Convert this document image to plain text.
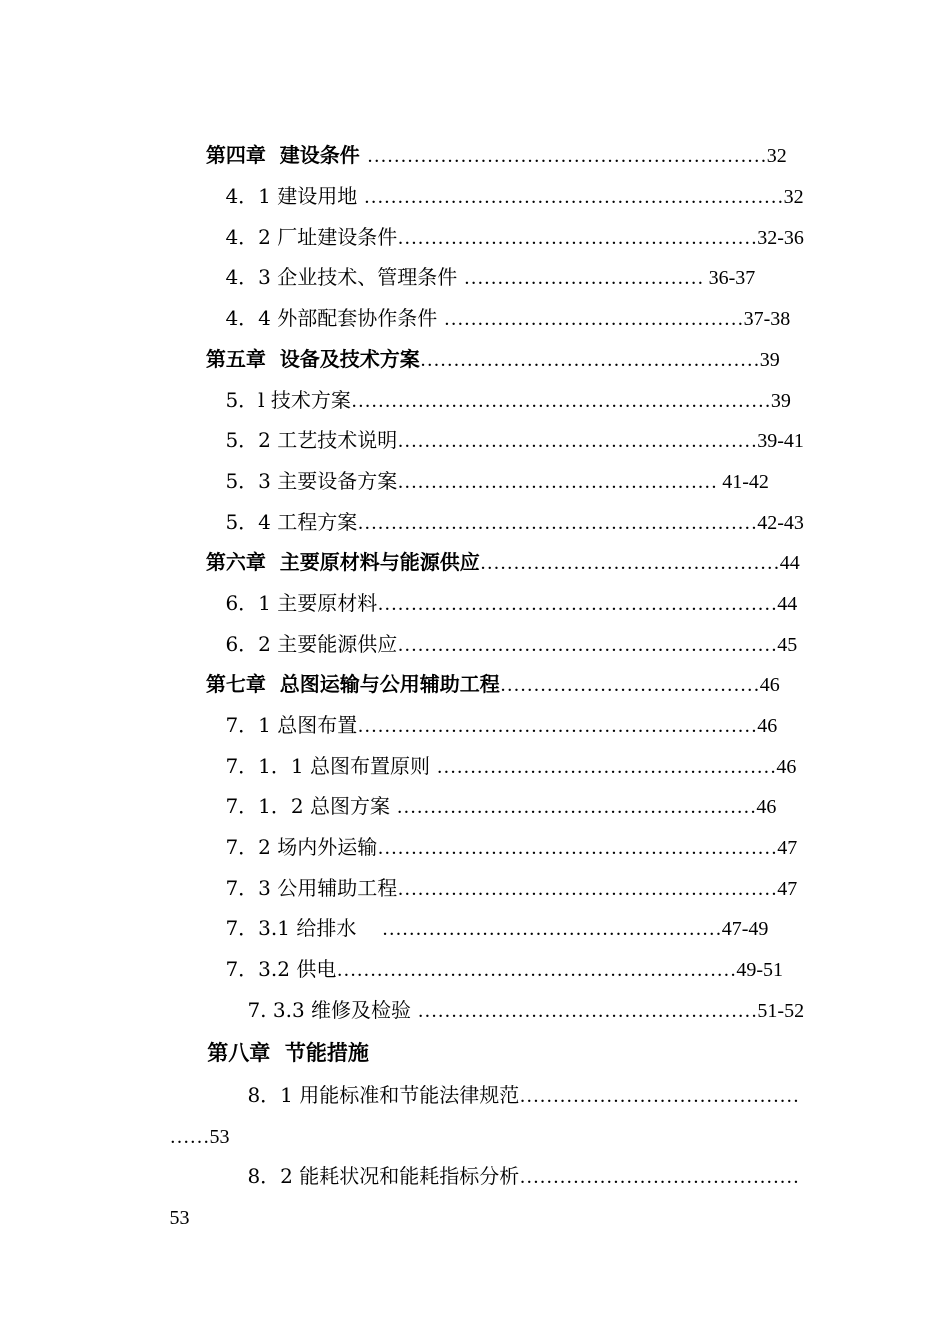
第四章  建设条件 ……………………………………………………32

4．1 建设用地 ………………………………………………………32

4．2 厂址建设条件………………………………………………32-36

4．3 企业技术、管理条件 ……………………………… 36-37

4．4 外部配套协作条件 ………………………………………37-38

第五章  设备及技术方案……………………………………………39

5．l 技术方案………………………………………………………39

5．2 工艺技术说明………………………………………………39-41

5．3 主要设备方案………………………………………… 41-42

5．4 工程方案……………………………………………………42-43

第六章  主要原材料与能源供应………………………………………44

6．1 主要原材料……………………………………………………44

6．2 主要能源供应…………………………………………………45

第七章  总图运输与公用辅助工程…………………………………46

7．1 总图布置……………………………………………………46

7．1．1 总图布置原则 ……………………………………………46

7．1．2 总图方案 ………………………………………………46

7．2 场内外运输……………………………………………………47

7．3 公用辅助工程…………………………………………………47

7．3.1 给排水    ……………………………………………47-49

7．3.2 供电……………………………………………………49-51

7. 3.3 维修及检验 ……………………………………………51-52

第八章  节能措施

8．1 用能标准和节能法律规范……………………………………

……53

8．2 能耗状况和能耗指标分析……………………………………

53
